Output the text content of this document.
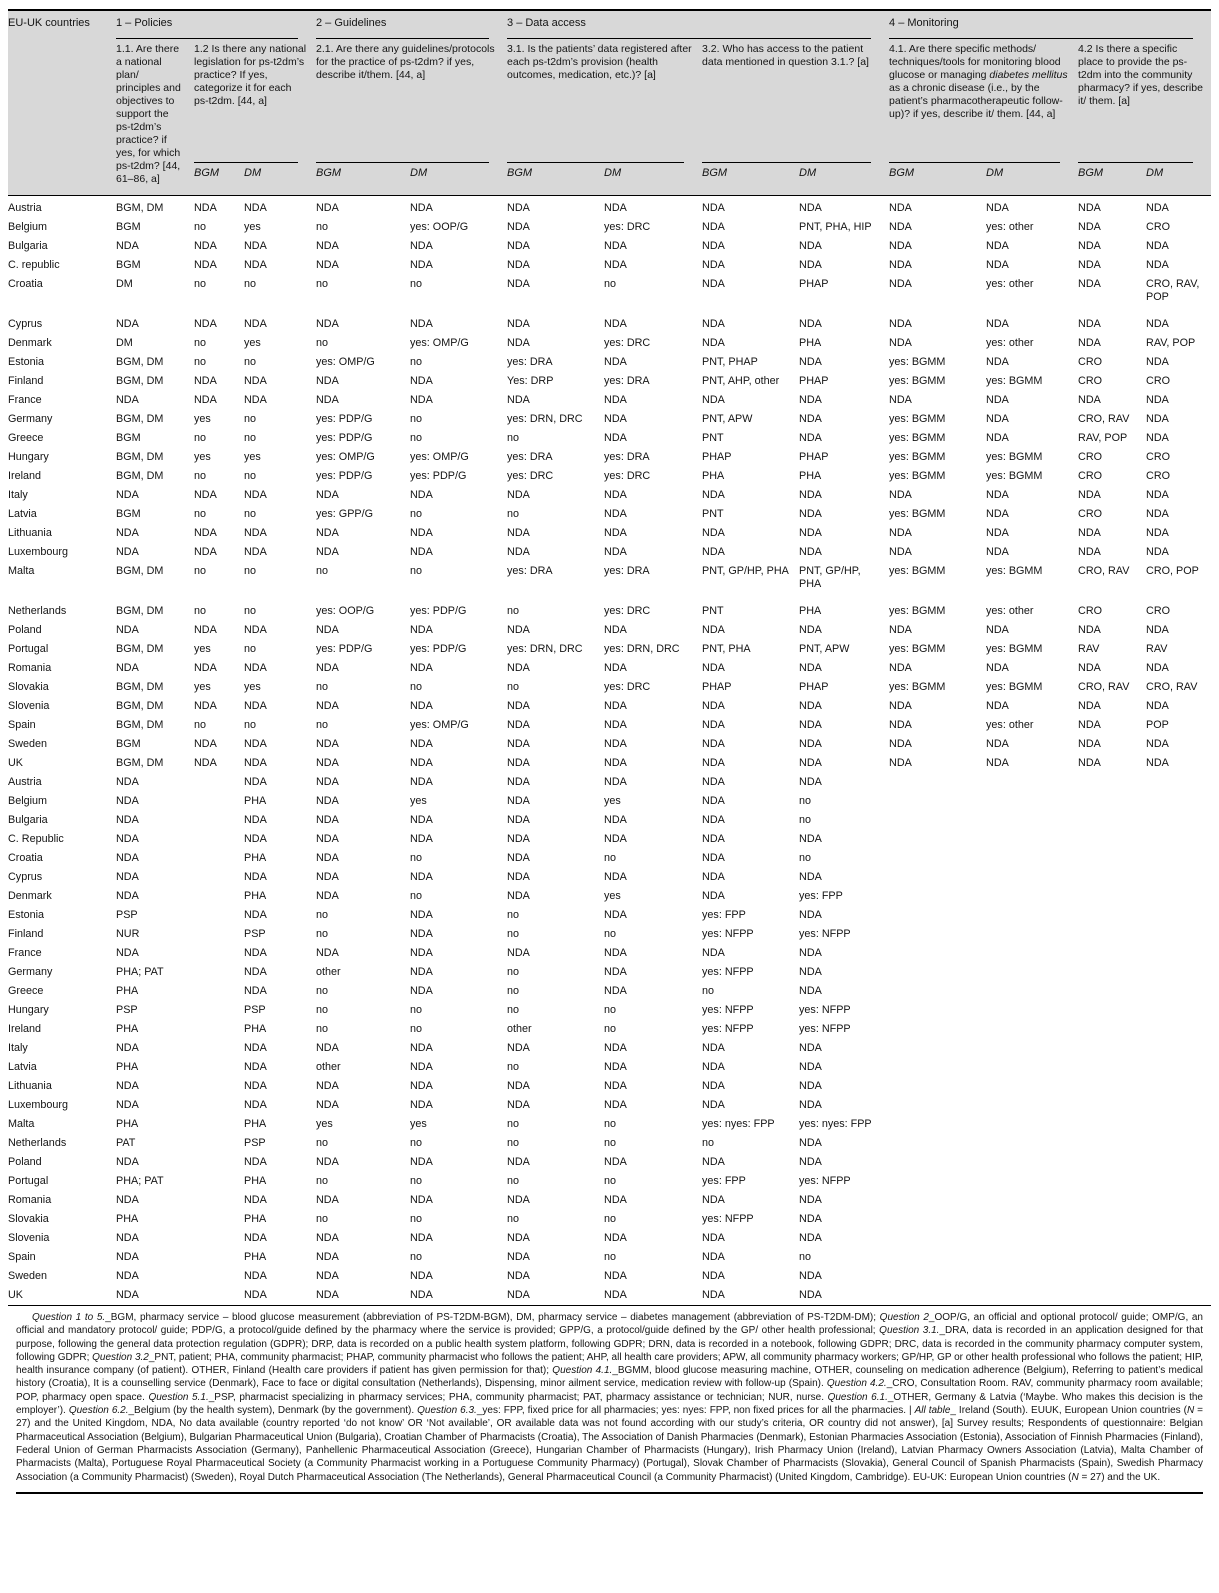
EU-UK countries	1 – Policies			2 – Guidelines		3 – Data access				4 – Monitoring			

	1.1. Are there a national plan/ principles and objectives to support the ps-t2dm’s practice? if yes, for which ps-t2dm? [44, 61–86, a]	1.2 Is there any national legislation for ps-t2dm’s practice? If yes, categorize it for each ps-t2dm. [44, a]		2.1. Are there any guidelines/protocols for the practice of ps-t2dm? if yes, describe it/them. [44, a]		3.1. Is the patients’ data registered after each ps-t2dm’s provision (health outcomes, medication, etc.)? [a]		3.2. Who has access to the patient data mentioned in question 3.1.? [a]		4.1. Are there specific methods/ techniques/tools for monitoring blood glucose or managing diabetes mellitus as a chronic disease (i.e., by the patient’s pharmacotherapeutic follow-up)? if yes, describe it/ them. [44, a]		4.2 Is there a specific place to provide the ps-t2dm into the community pharmacy? if yes, describe it/ them. [a]	

		BGM	DM	BGM	DM	BGM	DM	BGM	DM	BGM	DM	BGM	DM
Austria	BGM, DM	NDA	NDA	NDA	NDA	NDA	NDA	NDA	NDA	NDA	NDA	NDA	NDA
Belgium	BGM	no	yes	no	yes: OOP/G	NDA	yes: DRC	NDA	PNT, PHA, HIP	NDA	yes: other	NDA	CRO
Bulgaria	NDA	NDA	NDA	NDA	NDA	NDA	NDA	NDA	NDA	NDA	NDA	NDA	NDA
C. republic	BGM	NDA	NDA	NDA	NDA	NDA	NDA	NDA	NDA	NDA	NDA	NDA	NDA
Croatia	DM	no	no	no	no	NDA	no	NDA	PHAP	NDA	yes: other	NDA	CRO, RAV, POP
Cyprus	NDA	NDA	NDA	NDA	NDA	NDA	NDA	NDA	NDA	NDA	NDA	NDA	NDA
Denmark	DM	no	yes	no	yes: OMP/G	NDA	yes: DRC	NDA	PHA	NDA	yes: other	NDA	RAV, POP
Estonia	BGM, DM	no	no	yes: OMP/G	no	yes: DRA	NDA	PNT, PHAP	NDA	yes: BGMM	NDA	CRO	NDA
Finland	BGM, DM	NDA	NDA	NDA	NDA	Yes: DRP	yes: DRA	PNT, AHP, other	PHAP	yes: BGMM	yes: BGMM	CRO	CRO
France	NDA	NDA	NDA	NDA	NDA	NDA	NDA	NDA	NDA	NDA	NDA	NDA	NDA
Germany	BGM, DM	yes	no	yes: PDP/G	no	yes: DRN, DRC	NDA	PNT, APW	NDA	yes: BGMM	NDA	CRO, RAV	NDA
Greece	BGM	no	no	yes: PDP/G	no	no	NDA	PNT	NDA	yes: BGMM	NDA	RAV, POP	NDA
Hungary	BGM, DM	yes	yes	yes: OMP/G	yes: OMP/G	yes: DRA	yes: DRA	PHAP	PHAP	yes: BGMM	yes: BGMM	CRO	CRO
Ireland	BGM, DM	no	no	yes: PDP/G	yes: PDP/G	yes: DRC	yes: DRC	PHA	PHA	yes: BGMM	yes: BGMM	CRO	CRO
Italy	NDA	NDA	NDA	NDA	NDA	NDA	NDA	NDA	NDA	NDA	NDA	NDA	NDA
Latvia	BGM	no	no	yes: GPP/G	no	no	NDA	PNT	NDA	yes: BGMM	NDA	CRO	NDA
Lithuania	NDA	NDA	NDA	NDA	NDA	NDA	NDA	NDA	NDA	NDA	NDA	NDA	NDA
Luxembourg	NDA	NDA	NDA	NDA	NDA	NDA	NDA	NDA	NDA	NDA	NDA	NDA	NDA
Malta	BGM, DM	no	no	no	no	yes: DRA	yes: DRA	PNT, GP/HP, PHA	PNT, GP/HP, PHA	yes: BGMM	yes: BGMM	CRO, RAV	CRO, POP
Netherlands	BGM, DM	no	no	yes: OOP/G	yes: PDP/G	no	yes: DRC	PNT	PHA	yes: BGMM	yes: other	CRO	CRO
Poland	NDA	NDA	NDA	NDA	NDA	NDA	NDA	NDA	NDA	NDA	NDA	NDA	NDA
Portugal	BGM, DM	yes	no	yes: PDP/G	yes: PDP/G	yes: DRN, DRC	yes: DRN, DRC	PNT, PHA	PNT, APW	yes: BGMM	yes: BGMM	RAV	RAV
Romania	NDA	NDA	NDA	NDA	NDA	NDA	NDA	NDA	NDA	NDA	NDA	NDA	NDA
Slovakia	BGM, DM	yes	yes	no	no	no	yes: DRC	PHAP	PHAP	yes: BGMM	yes: BGMM	CRO, RAV	CRO, RAV
Slovenia	BGM, DM	NDA	NDA	NDA	NDA	NDA	NDA	NDA	NDA	NDA	NDA	NDA	NDA
Spain	BGM, DM	no	no	no	yes: OMP/G	NDA	NDA	NDA	NDA	NDA	yes: other	NDA	POP
Sweden	BGM	NDA	NDA	NDA	NDA	NDA	NDA	NDA	NDA	NDA	NDA	NDA	NDA
UK	BGM, DM	NDA	NDA	NDA	NDA	NDA	NDA	NDA	NDA	NDA	NDA	NDA	NDA
Austria	NDA		NDA	NDA	NDA	NDA	NDA	NDA	NDA				
Belgium	NDA		PHA	NDA	yes	NDA	yes	NDA	no				
Bulgaria	NDA		NDA	NDA	NDA	NDA	NDA	NDA	no				
C. Republic	NDA		NDA	NDA	NDA	NDA	NDA	NDA	NDA				
Croatia	NDA		PHA	NDA	no	NDA	no	NDA	no				
Cyprus	NDA		NDA	NDA	NDA	NDA	NDA	NDA	NDA				
Denmark	NDA		PHA	NDA	no	NDA	yes	NDA	yes: FPP				
Estonia	PSP		NDA	no	NDA	no	NDA	yes: FPP	NDA				
Finland	NUR		PSP	no	NDA	no	no	yes: NFPP	yes: NFPP				
France	NDA		NDA	NDA	NDA	NDA	NDA	NDA	NDA				
Germany	PHA; PAT		NDA	other	NDA	no	NDA	yes: NFPP	NDA				
Greece	PHA		NDA	no	NDA	no	NDA	no	NDA				
Hungary	PSP		PSP	no	no	no	no	yes: NFPP	yes: NFPP				
Ireland	PHA		PHA	no	no	other	no	yes: NFPP	yes: NFPP				
Italy	NDA		NDA	NDA	NDA	NDA	NDA	NDA	NDA				
Latvia	PHA		NDA	other	NDA	no	NDA	NDA	NDA				
Lithuania	NDA		NDA	NDA	NDA	NDA	NDA	NDA	NDA				
Luxembourg	NDA		NDA	NDA	NDA	NDA	NDA	NDA	NDA				
Malta	PHA		PHA	yes	yes	no	no	yes: nyes: FPP	yes: nyes: FPP				
Netherlands	PAT		PSP	no	no	no	no	no	NDA				
Poland	NDA		NDA	NDA	NDA	NDA	NDA	NDA	NDA				
Portugal	PHA; PAT		PHA	no	no	no	no	yes: FPP	yes: NFPP				
Romania	NDA		NDA	NDA	NDA	NDA	NDA	NDA	NDA				
Slovakia	PHA		PHA	no	no	no	no	yes: NFPP	NDA				
Slovenia	NDA		NDA	NDA	NDA	NDA	NDA	NDA	NDA				
Spain	NDA		PHA	NDA	no	NDA	no	NDA	no				
Sweden	NDA		NDA	NDA	NDA	NDA	NDA	NDA	NDA				
UK	NDA		NDA	NDA	NDA	NDA	NDA	NDA	NDA				
Question 1 to 5._BGM, pharmacy service – blood glucose measurement (abbreviation of PS-T2DM-BGM), DM, pharmacy service – diabetes management (abbreviation of PS-T2DM-DM); Question 2_OOP/G, an official and optional protocol/ guide; OMP/G, an official and mandatory protocol/ guide; PDP/G, a protocol/guide defined by the pharmacy where the service is provided; GPP/G, a protocol/guide defined by the GP/ other health professional; Question 3.1._DRA, data is recorded in an application designed for that purpose, following the general data protection regulation (GDPR); DRP, data is recorded on a public health system platform, following GDPR; DRN, data is recorded in a notebook, following GDPR; DRC, data is recorded in the community pharmacy computer system, following GDPR; Question 3.2_PNT, patient; PHA, community pharmacist; PHAP, community pharmacist who follows the patient; AHP, all health care providers; APW, all community pharmacy workers; GP/HP, GP or other health professional who follows the patient; HIP, health insurance company (of patient). OTHER, Finland (Health care providers if patient has given permission for that); Question 4.1._BGMM, blood glucose measuring machine, OTHER, counseling on medication adherence (Belgium), Referring to patient’s medical history (Croatia), It is a counselling service (Denmark), Face to face or digital consultation (Netherlands), Dispensing, minor ailment service, medication review with follow-up (Spain). Question 4.2._CRO, Consultation Room. RAV, community pharmacy room available; POP, pharmacy open space. Question 5.1._PSP, pharmacist specializing in pharmacy services; PHA, community pharmacist; PAT, pharmacy assistance or technician; NUR, nurse. Question 6.1._OTHER, Germany & Latvia (‘Maybe. Who makes this decision is the employer’). Question 6.2._Belgium (by the health system), Denmark (by the government). Question 6.3._yes: FPP, fixed price for all pharmacies; yes: nyes: FPP, non fixed prices for all the pharmacies. | All table_ Ireland (South). EUUK, European Union countries (N = 27) and the United Kingdom, NDA, No data available (country reported ‘do not know’ OR ‘Not available’, OR available data was not found according with our study’s criteria, OR country did not answer), [a] Survey results; Respondents of questionnaire: Belgian Pharmaceutical Association (Belgium), Bulgarian Pharmaceutical Union (Bulgaria), Croatian Chamber of Pharmacists (Croatia), The Association of Danish Pharmacies (Denmark), Estonian Pharmacies Association (Estonia), Association of Finnish Pharmacies (Finland), Federal Union of German Pharmacists Association (Germany), Panhellenic Pharmaceutical Association (Greece), Hungarian Chamber of Pharmacists (Hungary), Irish Pharmacy Union (Ireland), Latvian Pharmacy Owners Association (Latvia), Malta Chamber of Pharmacists (Malta), Portuguese Royal Pharmaceutical Society (a Community Pharmacist working in a Portuguese Community Pharmacy) (Portugal), Slovak Chamber of Pharmacists (Slovakia), General Council of Spanish Pharmacists (Spain), Swedish Pharmacy Association (a Community Pharmacist) (Sweden), Royal Dutch Pharmaceutical Association (The Netherlands), General Pharmaceutical Council (a Community Pharmacist) (United Kingdom, Cambridge). EU-UK: European Union countries (N = 27) and the UK.
